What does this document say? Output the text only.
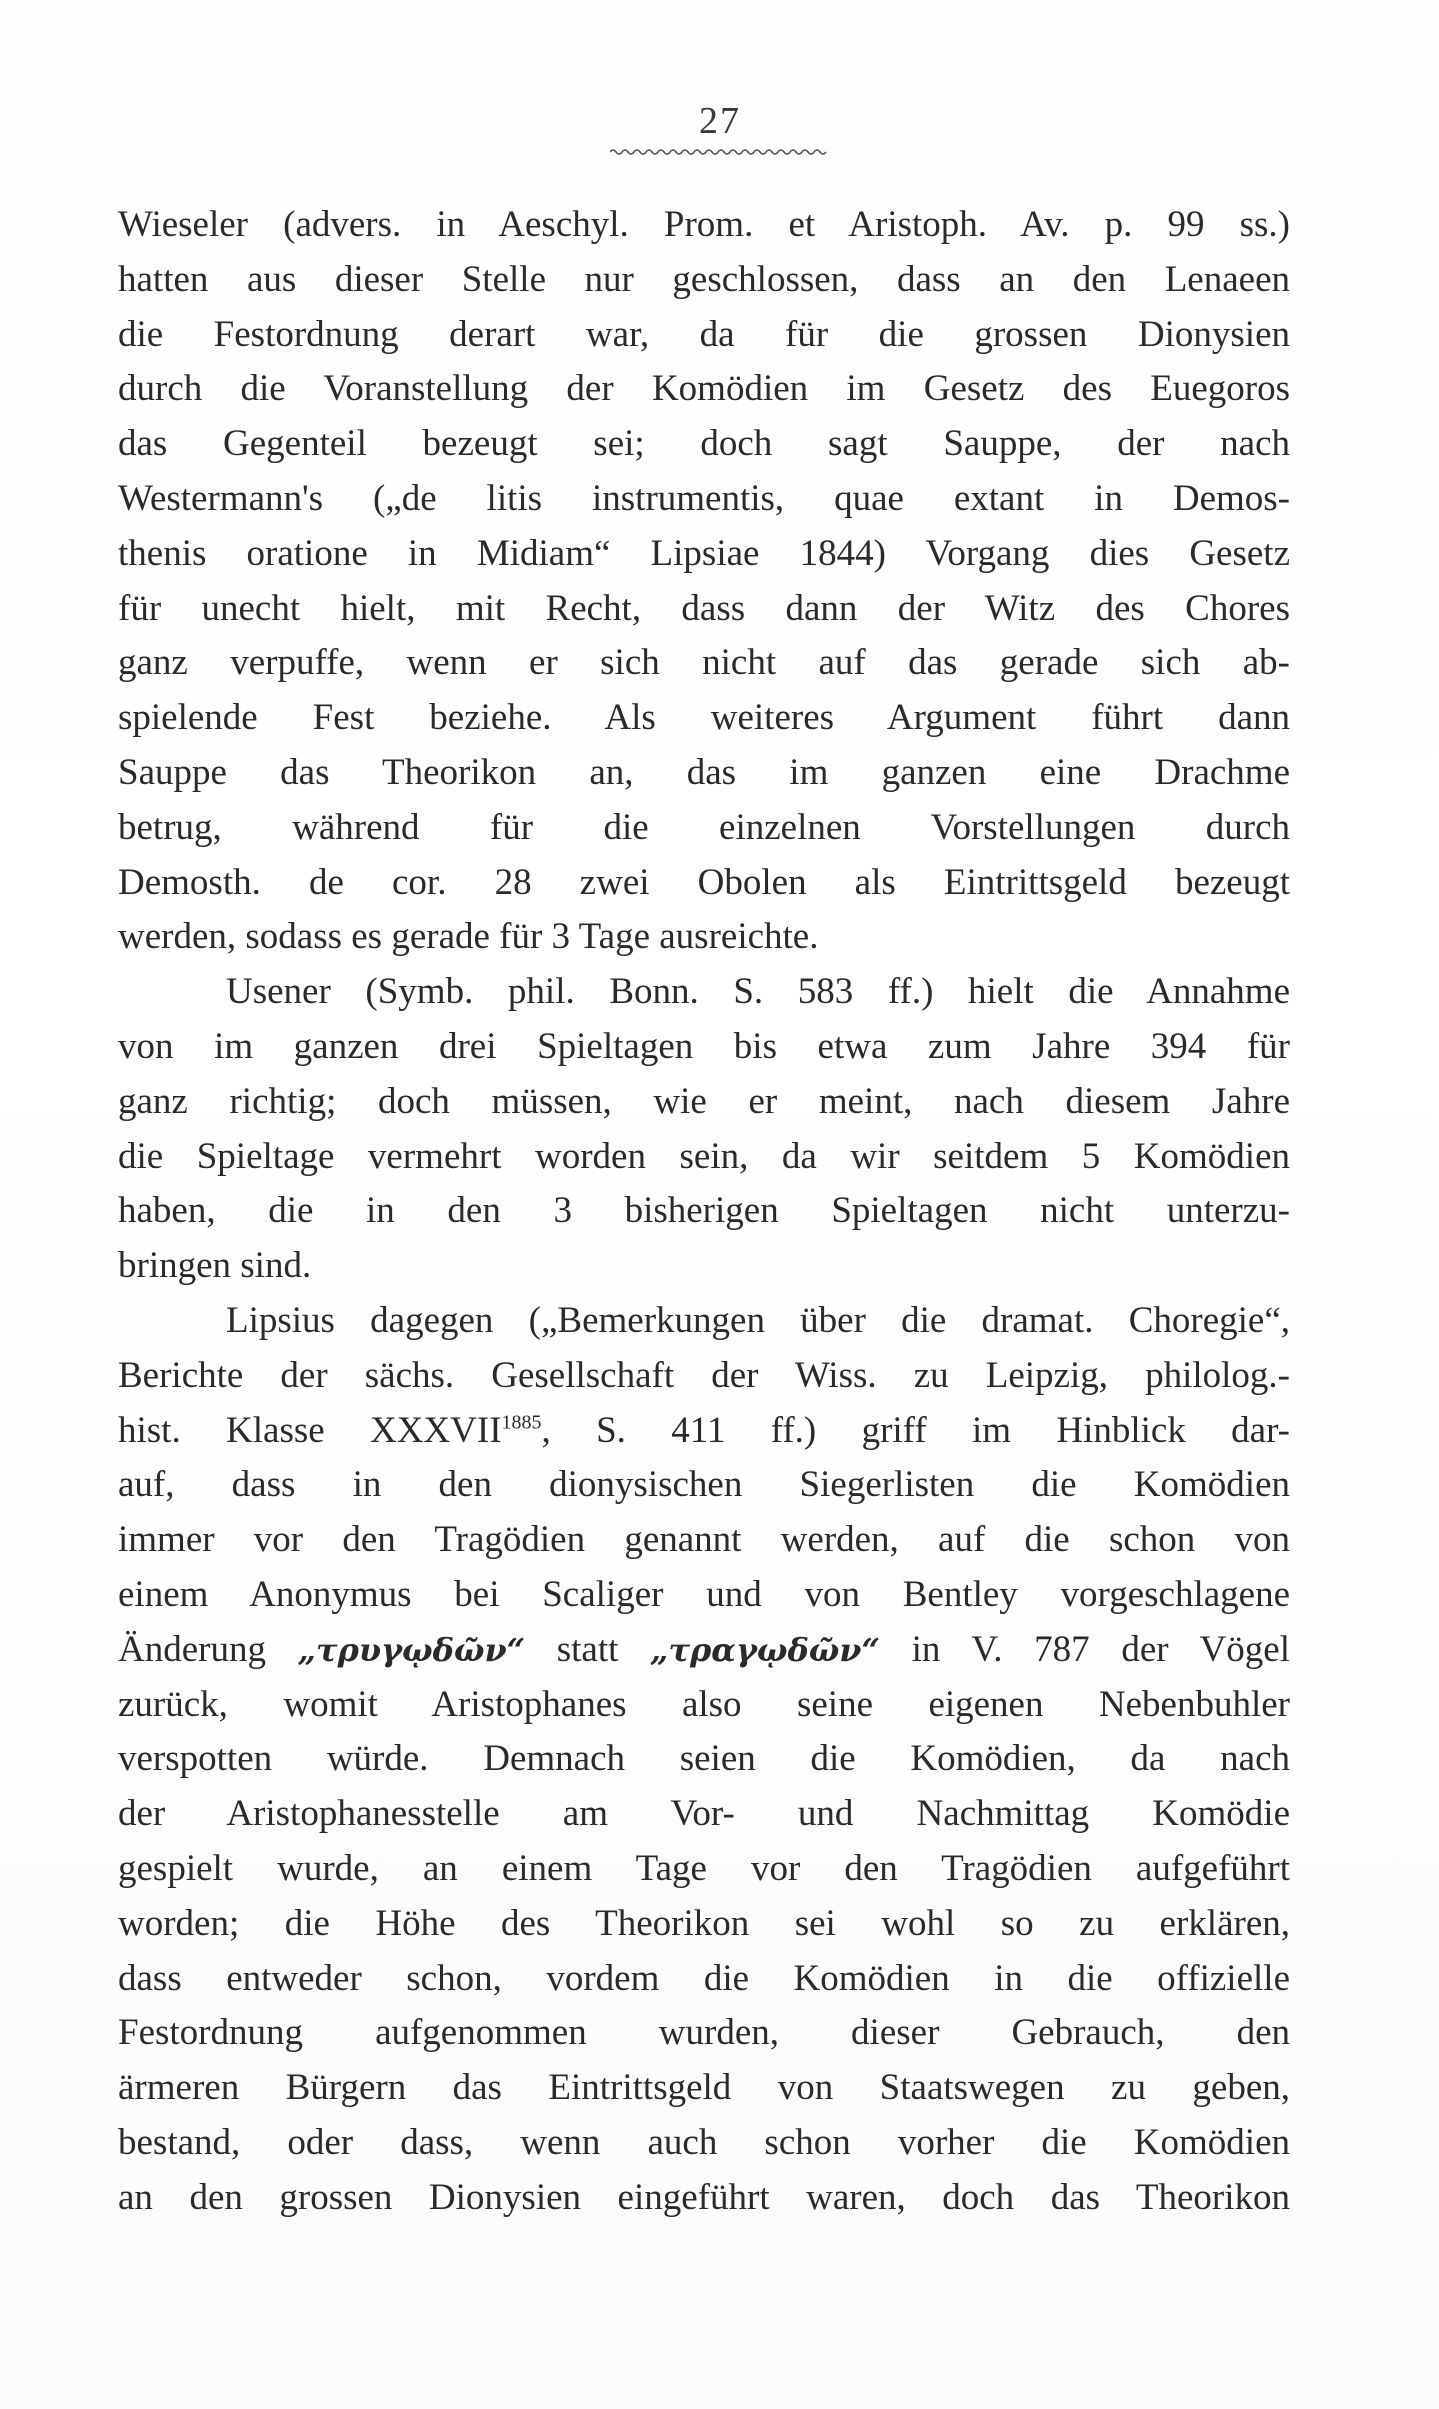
27

Wieseler (advers. in Aeschyl. Prom. et Aristoph. Av. p. 99 ss.)
hatten aus dieser Stelle nur geschlossen, dass an den Lenaeen
die Festordnung derart war, da für die grossen Dionysien
durch die Voranstellung der Komödien im Gesetz des Euegoros
das Gegenteil bezeugt sei; doch sagt Sauppe, der nach
Westermann's („de litis instrumentis, quae extant in Demos-
thenis oratione in Midiam“ Lipsiae 1844) Vorgang dies Gesetz
für unecht hielt, mit Recht, dass dann der Witz des Chores
ganz verpuffe, wenn er sich nicht auf das gerade sich ab-
spielende Fest beziehe. Als weiteres Argument führt dann
Sauppe das Theorikon an, das im ganzen eine Drachme
betrug, während für die einzelnen Vorstellungen durch
Demosth. de cor. 28 zwei Obolen als Eintrittsgeld bezeugt
werden, sodass es gerade für 3 Tage ausreichte.

Usener (Symb. phil. Bonn. S. 583 ff.) hielt die Annahme
von im ganzen drei Spieltagen bis etwa zum Jahre 394 für
ganz richtig; doch müssen, wie er meint, nach diesem Jahre
die Spieltage vermehrt worden sein, da wir seitdem 5 Komödien
haben, die in den 3 bisherigen Spieltagen nicht unterzu-
bringen sind.

Lipsius dagegen („Bemerkungen über die dramat. Choregie“,
Berichte der sächs. Gesellschaft der Wiss. zu Leipzig, philolog.-
hist. Klasse $XXXVII^{1885}$, S. 411 ff.) griff im Hinblick dar-
auf, dass in den dionysischen Siegerlisten die Komödien
immer vor den Tragödien genannt werden, auf die schon von
einem Anonymus bei Scaliger und von Bentley vorgeschlagene
Änderung „τρυγῳδῶν“ statt „τραγῳδῶν“ in V. 787 der Vögel
zurück, womit Aristophanes also seine eigenen Nebenbuhler
verspotten würde. Demnach seien die Komödien, da nach
der Aristophanesstelle am Vor- und Nachmittag Komödie
gespielt wurde, an einem Tage vor den Tragödien aufgeführt
worden; die Höhe des Theorikon sei wohl so zu erklären,
dass entweder schon, vordem die Komödien in die offizielle
Festordnung aufgenommen wurden, dieser Gebrauch, den
ärmeren Bürgern das Eintrittsgeld von Staatswegen zu geben,
bestand, oder dass, wenn auch schon vorher die Komödien
an den grossen Dionysien eingeführt waren, doch das Theorikon
